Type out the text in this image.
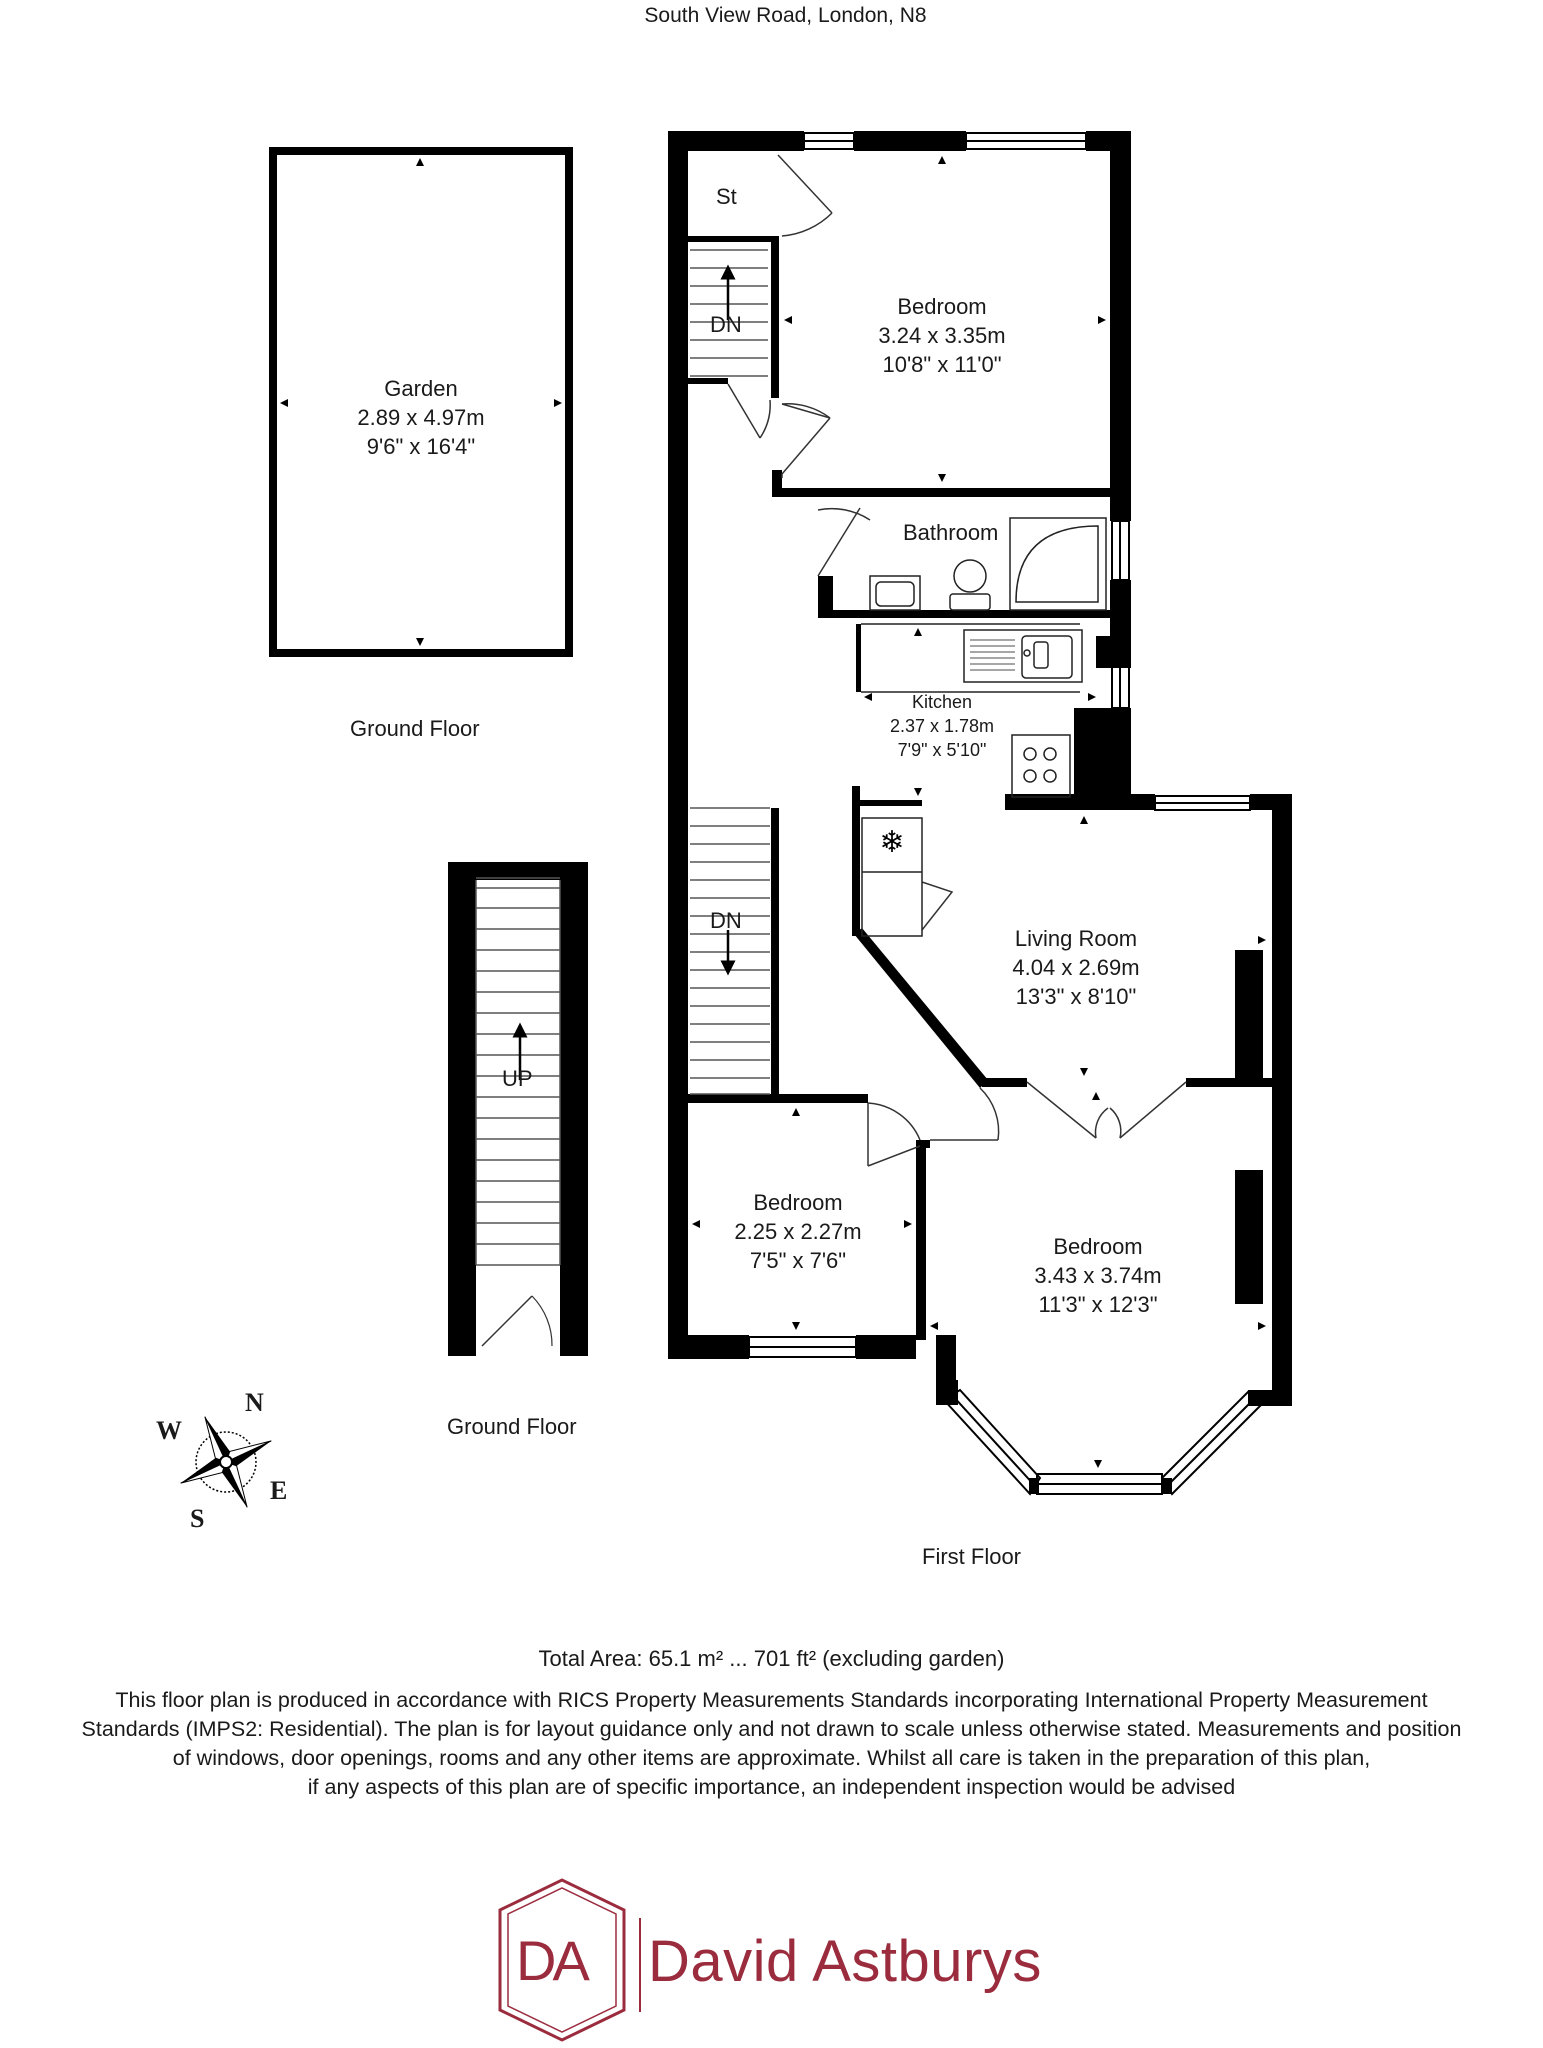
❄
South View Road, London, N8
Garden
2.89 x 4.97m
9'6" x 16'4"
Ground Floor
St
Bedroom
3.24 x 3.35m
10'8" x 11'0"
DN
DN
UP
Bathroom
Kitchen
2.37 x 1.78m
7'9" x 5'10"
Living Room
4.04 x 2.69m
13'3" x 8'10"
Bedroom
2.25 x 2.27m
7'5" x 7'6"
Bedroom
3.43 x 3.74m
11'3" x 12'3"
Ground Floor
First Floor
N
E
S
W
Total Area: 65.1 m² ... 701 ft² (excluding garden)
This floor plan is produced in accordance with RICS Property Measurements Standards incorporating International Property Measurement
Standards (IMPS2: Residential). The plan is for layout guidance only and not drawn to scale unless otherwise stated. Measurements and position
of windows, door openings, rooms and any other items are approximate. Whilst all care is taken in the preparation of this plan,
if any aspects of this plan are of specific importance, an independent inspection would be advised
DA David Astburys
